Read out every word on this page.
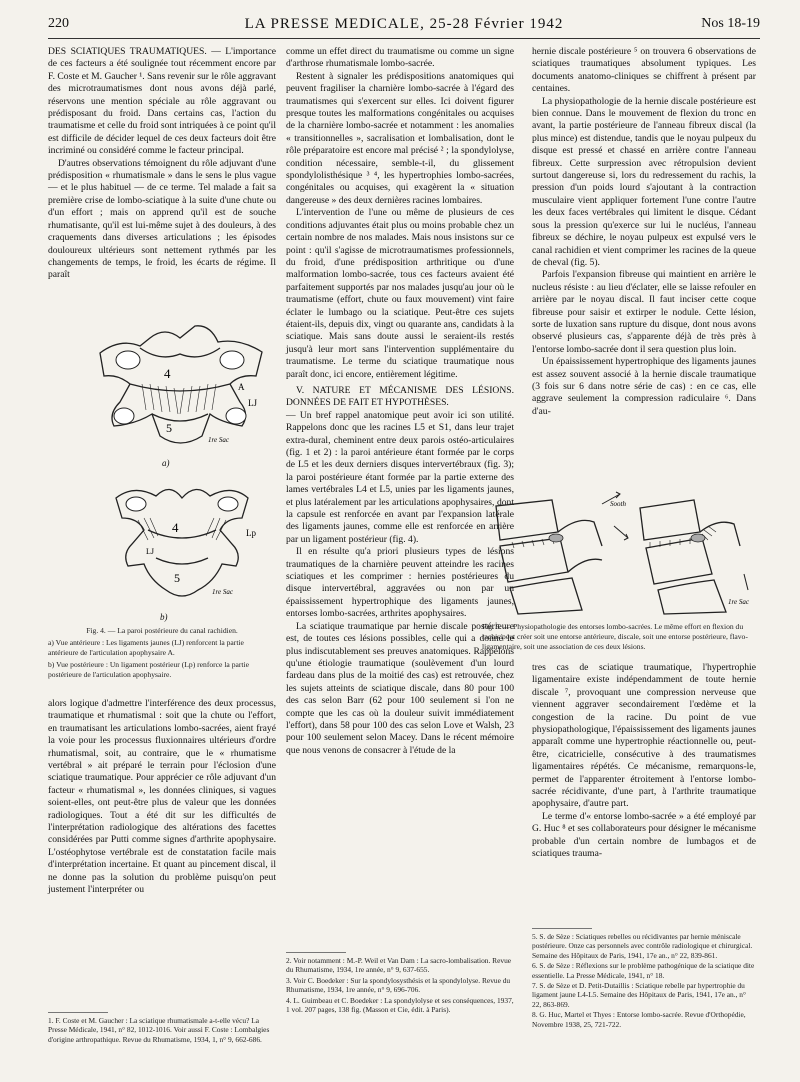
220	LA PRESSE MEDICALE, 25-28 Février 1942	Nos 18-19

DES SCIATIQUES TRAUMATIQUES. — L'importance de ces facteurs a été soulignée tout récemment encore par F. Coste et M. Gaucher ¹. Sans revenir sur le rôle aggravant des microtraumatismes dont nous avons déjà parlé, réservons une mention spéciale au rôle aggravant ou prédisposant du froid. Dans certains cas, l'action du traumatisme et celle du froid sont intriquées à ce point qu'il est difficile de décider lequel de ces deux facteurs doit être incriminé ou considéré comme le facteur principal.

D'autres observations témoignent du rôle adjuvant d'une prédisposition « rhumatismale » dans le sens le plus vague — et le plus habituel — de ce terme. Tel malade a fait sa première crise de lombo-sciatique à la suite d'une chute ou d'un effort ; mais on apprend qu'il est de souche rhumatisante, qu'il est lui-même sujet à des douleurs, à des craquements dans diverses articulations ; les épisodes douloureux ultérieurs sont nettement rythmés par les changements de temps, le froid, les écarts de régime. Il paraît

4
A
LJ
5
1re Sac
a)
4	Lp
LJ
5
1re Sac
b)

Fig. 4. — La paroi postérieure du canal rachidien.

a) Vue antérieure : Les ligaments jaunes (LJ) renforcent la partie antérieure de l'articulation apophysaire A.

b) Vue postérieure : Un ligament postérieur (Lp) renforce la partie postérieure de l'articulation apophysaire.

alors logique d'admettre l'interférence des deux processus, traumatique et rhumatismal : soit que la chute ou l'effort, en traumatisant les articulations lombo-sacrées, aient frayé la voie pour les processus fluxionnaires ultérieurs d'ordre rhumatismal, soit, au contraire, que le « rhumatisme vertébral » ait préparé le terrain pour l'éclosion d'une sciatique traumatique. Pour apprécier ce rôle adjuvant d'un facteur « rhumatismal », les données cliniques, si vagues soient-elles, ont peut-être plus de valeur que les données radiologiques. Tout a été dit sur les difficultés de l'interprétation radiologique des altérations des facettes considérées par Putti comme signes d'arthrite apophysaire. L'ostéophytose vertébrale est de constatation facile mais d'interprétation incertaine. Et quant au pincement discal, il ne donne pas la solution du problème puisqu'on peut justement l'interpréter ou

1. F. Coste et M. Gaucher : La sciatique rhumatismale a-t-elle vécu? La Presse Médicale, 1941, n° 82, 1012-1016. Voir aussi F. Coste : Lombalgies d'origine arthropathique. Revue du Rhumatisme, 1934, 1, n° 9, 662-686.

comme un effet direct du traumatisme ou comme un signe d'arthrose rhumatismale lombo-sacrée.

Restent à signaler les prédispositions anatomiques qui peuvent fragiliser la charnière lombo-sacrée à l'égard des traumatismes qui s'exercent sur elles. Ici doivent figurer presque toutes les malformations congénitales ou acquises de la charnière lombo-sacrée et notamment : les anomalies « transitionnelles », sacralisation et lombalisation, dont le rôle préparatoire est encore mal précisé ² ; la spondylolyse, condition nécessaire, semble-t-il, du glissement spondylolisthésique ³ ⁴, les hypertrophies lombo-sacrées, congénitales ou acquises, qui exagèrent la « situation dangereuse » des deux dernières racines lombaires.

L'intervention de l'une ou même de plusieurs de ces conditions adjuvantes était plus ou moins probable chez un certain nombre de nos malades. Mais nous insistons sur ce point : qu'il s'agisse de microtraumatismes professionnels, du froid, d'une prédisposition arthritique ou d'une malformation lombo-sacrée, tous ces facteurs avaient été parfaitement supportés par nos malades jusqu'au jour où le traumatisme (effort, chute ou faux mouvement) vint faire éclater le lumbago ou la sciatique. Peut-être ces sujets étaient-ils, depuis dix, vingt ou quarante ans, candidats à la sciatique. Mais sans doute aussi le seraient-ils restés jusqu'à leur mort sans l'intervention supplémentaire du traumatisme. Le terme du sciatique traumatique nous paraît donc, ici encore, entièrement légitime.

V. NATURE ET MÉCANISME DES LÉSIONS. DONNÉES DE FAIT ET HYPOTHÈSES.

— Un bref rappel anatomique peut avoir ici son utilité. Rappelons donc que les racines L5 et S1, dans leur trajet extra-dural, cheminent entre deux parois ostéo-articulaires (fig. 1 et 2) : la paroi antérieure étant formée par le corps de L5 et les deux derniers disques intervertébraux (fig. 3); la paroi postérieure étant formée par la partie externe des lames vertébrales L4 et L5, unies par les ligaments jaunes, et plus latéralement par les articulations apophysaires, dont la capsule est renforcée en avant par l'expansion latérale des ligaments jaunes, comme elle est renforcée en arrière par un ligament postérieur (fig. 4).

Il en résulte qu'a priori plusieurs types de lésions traumatiques de la charnière peuvent atteindre les racines sciatiques et les comprimer : hernies postérieures du disque intervertébral, aggravées ou non par un épaississement hypertrophique des ligaments jaunes, entorses lombo-sacrées, arthrites apophysaires.

La sciatique traumatique par hernie discale postérieure est, de toutes ces lésions possibles, celle qui a donné le plus indiscutablement ses preuves anatomiques. Rappelons qu'une étiologie traumatique (soulèvement d'un lourd fardeau dans plus de la moitié des cas) est retrouvée, chez les sujets atteints de sciatique discale, dans 80 pour 100 des cas selon Barr (62 pour 100 seulement si l'on ne compte que les cas où la douleur suivit immédiatement l'effort), dans 58 pour 100 des cas selon Love et Walsh, 23 pour 100 seulement selon Macey. Dans le récent mémoire que nous venons de consacrer à l'étude de la

2. Voir notamment : M.-P. Weil et Van Dam : La sacro-lombalisation. Revue du Rhumatisme, 1934, 1re année, n° 9, 637-655.

3. Voir C. Boedeker : Sur la spondylosysthésis et la spondylolyse. Revue du Rhumatisme, 1934, 1re année, n° 9, 696-706.

4. L. Guimbeau et C. Boedeker : La spondylolyse et ses conséquences, 1937, 1 vol. 207 pages, 138 fig. (Masson et Cie, édit. à Paris).

hernie discale postérieure ⁵ on trouvera 6 observations de sciatiques traumatiques absolument typiques. Les documents anatomo-cliniques se chiffrent à présent par centaines.

La physiopathologie de la hernie discale postérieure est bien connue. Dans le mouvement de flexion du tronc en avant, la partie postérieure de l'anneau fibreux discal (la plus mince) est distendue, tandis que le noyau pulpeux du disque est pressé et chassé en arrière contre l'anneau fibreux. Cette surpression avec rétropulsion devient surtout dangereuse si, lors du redressement du rachis, la pression d'un poids lourd s'ajoutant à la contraction musculaire vient appliquer fortement l'une contre l'autre les deux faces vertébrales qui limitent le disque. Cédant sous la pression qu'exerce sur lui le nucléus, l'anneau fibreux se déchire, le noyau pulpeux est expulsé vers le canal rachidien et vient comprimer les racines de la queue de cheval (fig. 5).

Parfois l'expansion fibreuse qui maintient en arrière le nucleus résiste : au lieu d'éclater, elle se laisse refouler en arrière par le noyau discal. Il faut inciser cette coque fibreuse pour saisir et extirper le nodule. Cette lésion, sorte de luxation sans rupture du disque, dont nous avons observé plusieurs cas, s'apparente déjà de très près à l'entorse lombo-sacrée dont il sera question plus loin.

Un épaississement hypertrophique des ligaments jaunes est assez souvent associé à la hernie discale traumatique (3 fois sur 6 dans notre série de cas) : en ce cas, elle aggrave seulement la compression radiculaire ⁶. Dans d'au-

Sooth
1re Sac

Fig. 5. — Physiopathologie des entorses lombo-sacrées. Le même effort en flexion du rachis peut créer soit une entorse antérieure, discale, soit une entorse postérieure, flavo-ligamentaire, soit une association de ces deux lésions.

tres cas de sciatique traumatique, l'hypertrophie ligamentaire existe indépendamment de toute hernie discale ⁷, provoquant une compression nerveuse que viennent aggraver secondairement l'œdème et la congestion de la racine. Du point de vue physiopathologique, l'épaississement des ligaments jaunes apparaît comme une hypertrophie réactionnelle ou, peut-être, cicatricielle, consécutive à des traumatismes ligamentaires répétés. Ce mécanisme, remarquons-le, permet de l'apparenter étroitement à l'entorse lombo-sacrée récidivante, d'une part, à l'arthrite traumatique apophysaire, d'autre part.

Le terme d'« entorse lombo-sacrée » a été employé par G. Huc ⁸ et ses collaborateurs pour désigner le mécanisme probable d'un certain nombre de lumbagos et de sciatiques trauma-

5. S. de Sèze : Sciatiques rebelles ou récidivantes par hernie méniscale postérieure. Onze cas personnels avec contrôle radiologique et chirurgical. Semaine des Hôpitaux de Paris, 1941, 17e an., n° 22, 839-861.

6. S. de Sèze : Réflexions sur le problème pathogénique de la sciatique dite essentielle. La Presse Médicale, 1941, n° 18.

7. S. de Sèze et D. Petit-Dutaillis : Sciatique rebelle par hypertrophie du ligament jaune L4-L5. Semaine des Hôpitaux de Paris, 1941, 17e an., n° 22, 863-869.

8. G. Huc, Martel et Thyes : Entorse lombo-sacrée. Revue d'Orthopédie, Novembre 1938, 25, 721-722.
